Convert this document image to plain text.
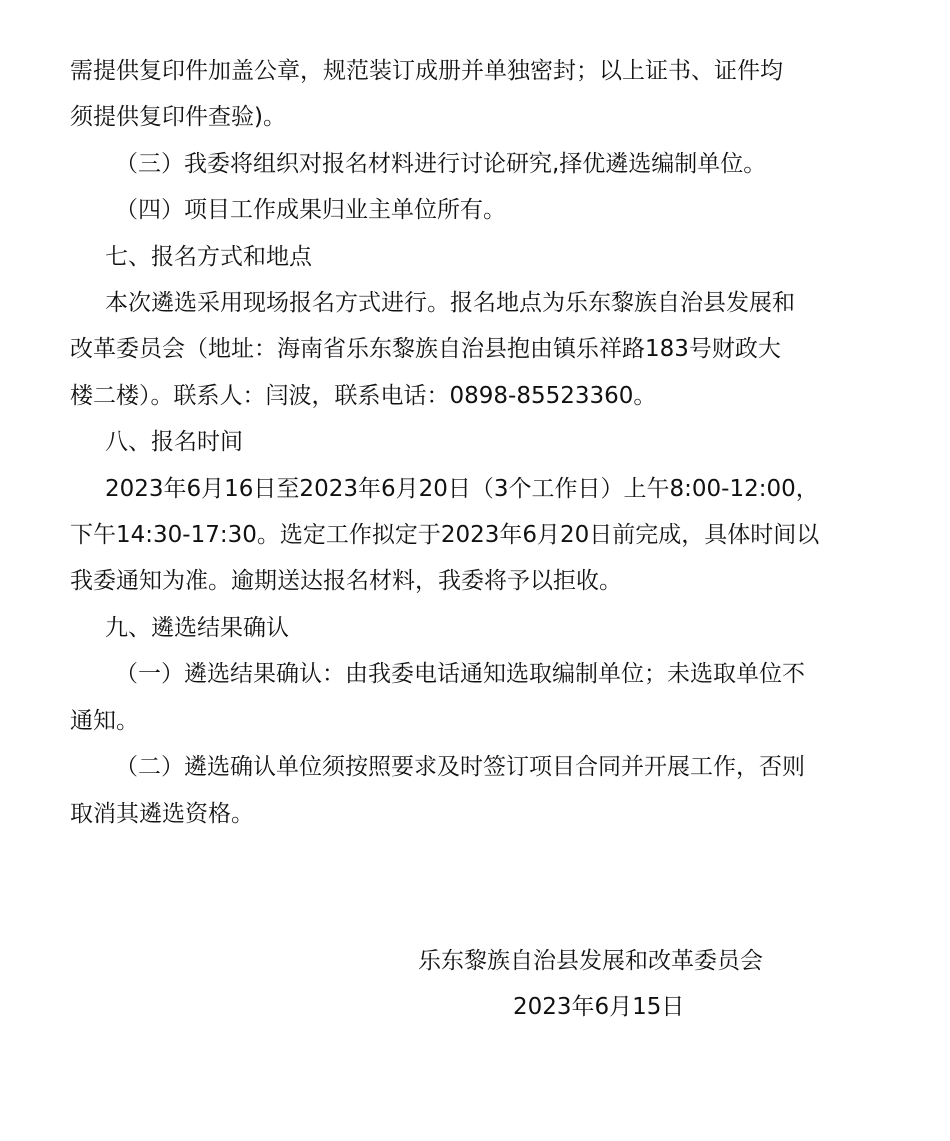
需提供复印件加盖公章，规范装订成册并单独密封；以上证书、证件均

须提供复印件查验)。

（三）我委将组织对报名材料进行讨论研究,择优遴选编制单位。

（四）项目工作成果归业主单位所有。

七、报名方式和地点

本次遴选采用现场报名方式进行。报名地点为乐东黎族自治县发展和

改革委员会（地址：海南省乐东黎族自治县抱由镇乐祥路183号财政大

楼二楼）。联系人：闫波，联系电话：0898-85523360。

八、报名时间

2023年6月16日至2023年6月20日（3个工作日）上午8:00-12:00，

下午14:30-17:30。选定工作拟定于2023年6月20日前完成，具体时间以

我委通知为准。逾期送达报名材料，我委将予以拒收。

九、遴选结果确认

（一）遴选结果确认：由我委电话通知选取编制单位；未选取单位不

通知。

（二）遴选确认单位须按照要求及时签订项目合同并开展工作，否则

取消其遴选资格。

乐东黎族自治县发展和改革委员会
2023年6月15日
